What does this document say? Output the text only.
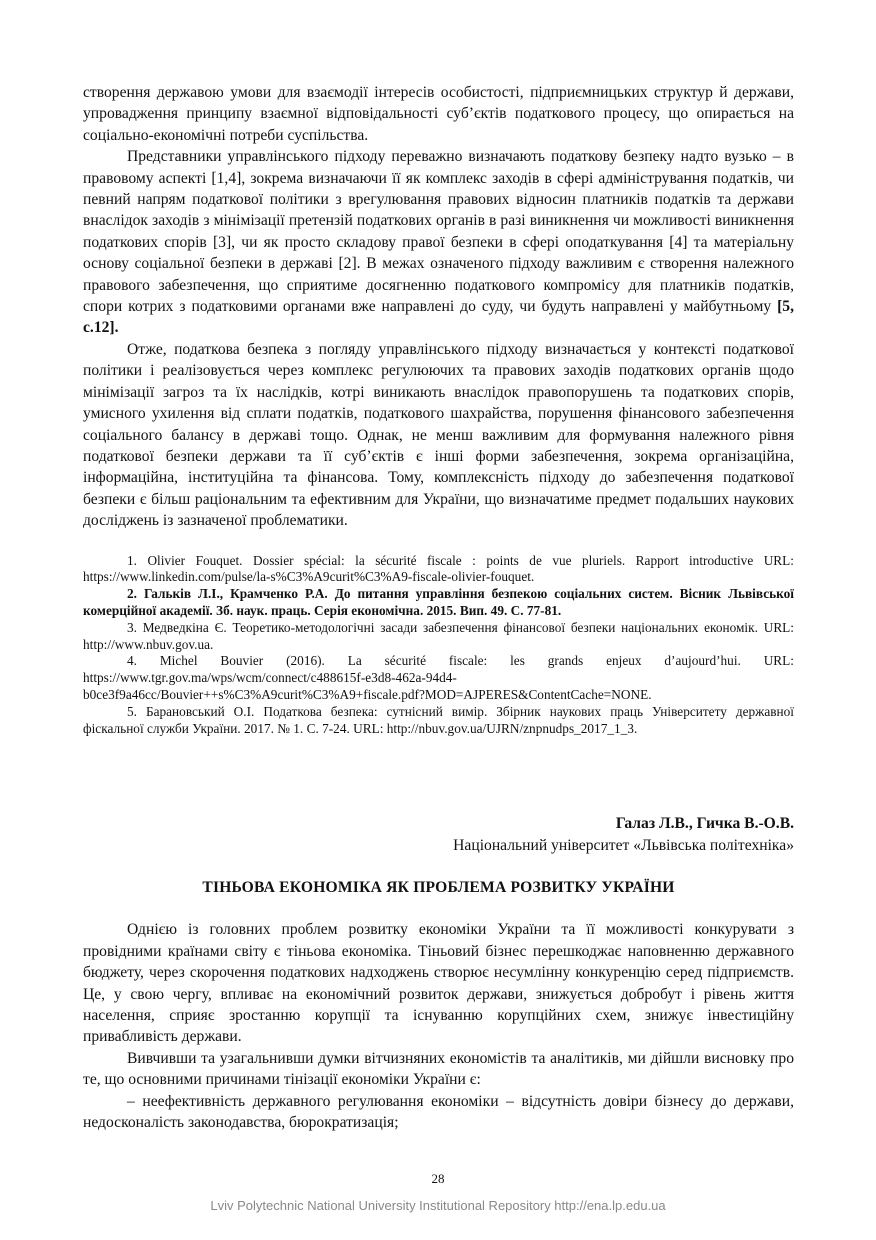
створення державою умови для взаємодії інтересів особистості, підприємницьких структур й держави, упровадження принципу взаємної відповідальності суб’єктів податкового процесу, що опирається на соціально-економічні потреби суспільства.

Представники управлінського підходу переважно визначають податкову безпеку надто вузько – в правовому аспекті [1,4], зокрема визначаючи її як комплекс заходів в сфері адміністрування податків, чи певний напрям податкової політики з врегулювання правових відносин платників податків та держави внаслідок заходів з мінімізації претензій податкових органів в разі виникнення чи можливості виникнення податкових спорів [3], чи як просто складову правої безпеки в сфері оподаткування [4] та матеріальну основу соціальної безпеки в державі [2]. В межах означеного підходу важливим є створення належного правового забезпечення, що сприятиме досягненню податкового компромісу для платників податків, спори котрих з податковими органами вже направлені до суду, чи будуть направлені у майбутньому [5, с.12].

Отже, податкова безпека з погляду управлінського підходу визначається у контексті податкової політики і реалізовується через комплекс регулюючих та правових заходів податкових органів щодо мінімізації загроз та їх наслідків, котрі виникають внаслідок правопорушень та податкових спорів, умисного ухилення від сплати податків, податкового шахрайства, порушення фінансового забезпечення соціального балансу в державі тощо. Однак, не менш важливим для формування належного рівня податкової безпеки держави та її суб’єктів є інші форми забезпечення, зокрема організаційна, інформаційна, інституційна та фінансова. Тому, комплексність підходу до забезпечення податкової безпеки є більш раціональним та ефективним для України, що визначатиме предмет подальших наукових досліджень із зазначеної проблематики.

1. Olivier Fouquet. Dossier spécial: la sécurité fiscale : points de vue pluriels. Rapport introductive URL: https://www.linkedin.com/pulse/la-s%C3%A9curit%C3%A9-fiscale-olivier-fouquet.

2. Гальків Л.І., Крамченко Р.А. До питання управління безпекою соціальних систем. Вісник Львівської комерційної академії. Зб. наук. праць. Серія економічна. 2015. Вип. 49. С. 77-81.

3. Медведкіна Є. Теоретико-методологічні засади забезпечення фінансової безпеки національних економік. URL: http://www.nbuv.gov.ua.

4. Michel Bouvier (2016). La sécurité fiscale: les grands enjeux d’aujourd’hui. URL: https://www.tgr.gov.ma/wps/wcm/connect/c488615f-e3d8-462a-94d4-b0ce3f9a46cc/Bouvier++s%C3%A9curit%C3%A9+fiscale.pdf?MOD=AJPERES&ContentCache=NONE.

5. Барановський О.І. Податкова безпека: сутнісний вимір. Збірник наукових праць Університету державної фіскальної служби України. 2017. № 1. С. 7-24. URL: http://nbuv.gov.ua/UJRN/znpnudps_2017_1_3.

Галаз Л.В., Гичка В.-О.В.
Національний університет «Львівська політехніка»
ТІНЬОВА ЕКОНОМІКА ЯК ПРОБЛЕМА РОЗВИТКУ УКРАЇНИ

Однією із головних проблем розвитку економіки України та її можливості конкурувати з провідними країнами світу є тіньова економіка. Тіньовий бізнес перешкоджає наповненню державного бюджету, через скорочення податкових надходжень створює несумлінну конкуренцію серед підприємств. Це, у свою чергу, впливає на економічний розвиток держави, знижується добробут і рівень життя населення, сприяє зростанню корупції та існуванню корупційних схем, знижує інвестиційну привабливість держави.

Вивчивши та узагальнивши думки вітчизняних економістів та аналітиків, ми дійшли висновку про те, що основними причинами тінізації економіки України є:

– неефективність державного регулювання економіки – відсутність довіри бізнесу до держави, недосконалість законодавства, бюрократизація;

28
Lviv Polytechnic National University Institutional Repository http://ena.lp.edu.ua
